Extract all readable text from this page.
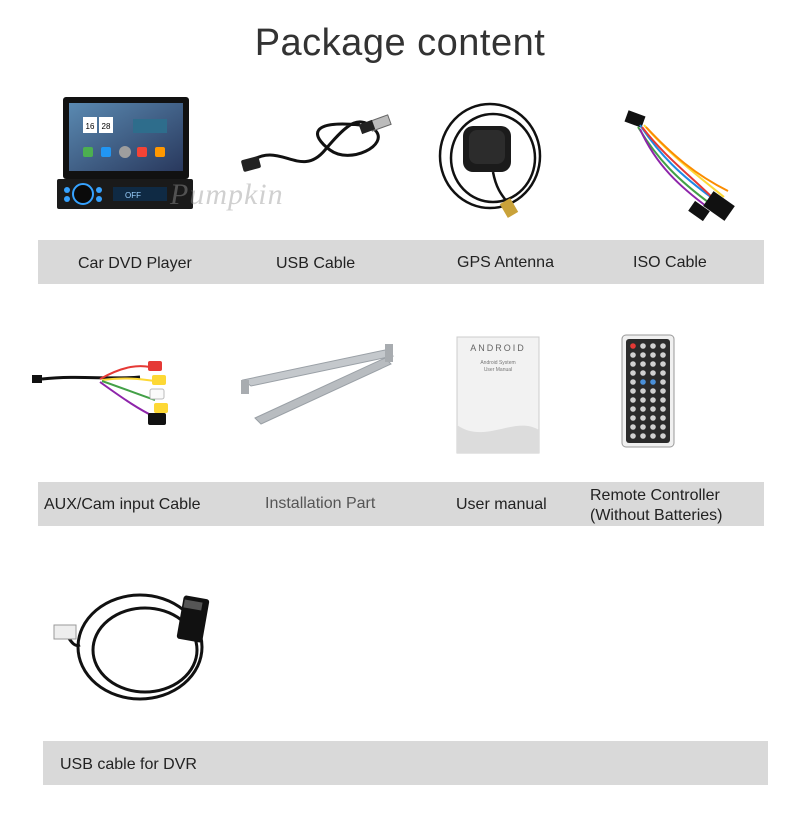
Package content
16 28
OFF Pumpkin
Car DVD Player	USB Cable	GPS Antenna	ISO Cable
ANDROID
Android System
User Manual
AUX/Cam input Cable	Installation Part	User manual
Remote Controller
(Without Batteries)
USB cable for DVR
